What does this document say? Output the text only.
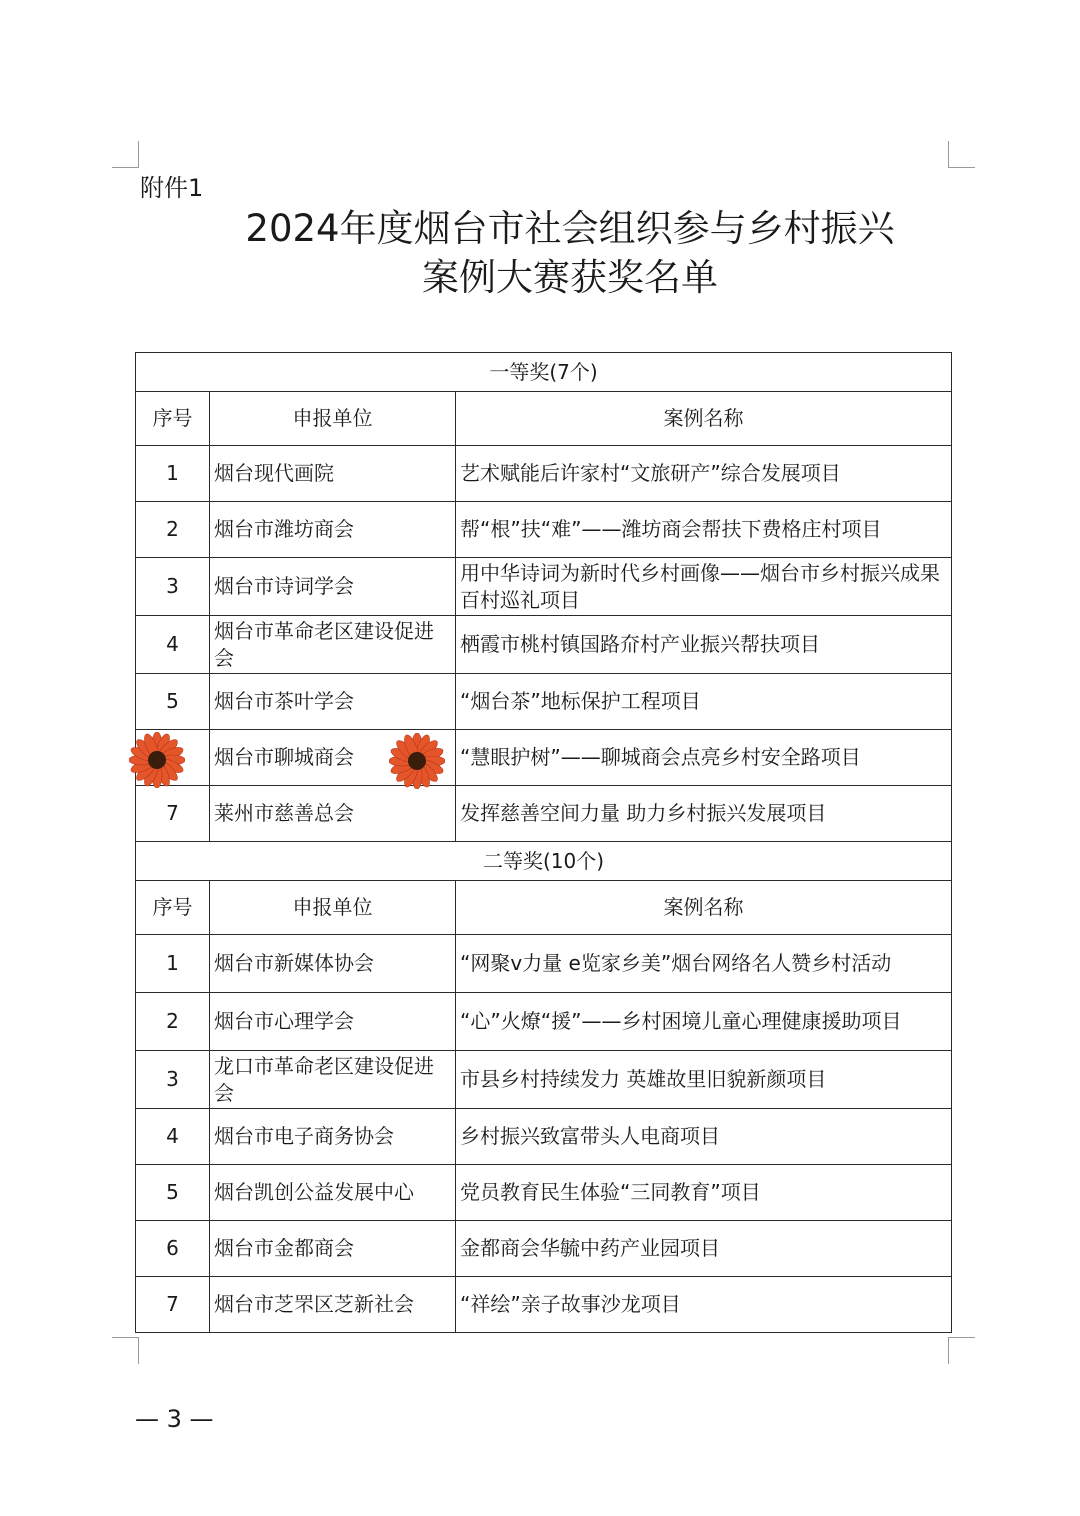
附件1
2024年度烟台市社会组织参与乡村振兴
案例大赛获奖名单
一等奖(7个)		
序号	申报单位	案例名称
1	烟台现代画院	艺术赋能后许家村“文旅研产”综合发展项目
2	烟台市潍坊商会	帮“根”扶“难”——潍坊商会帮扶下费格庄村项目
3	烟台市诗词学会	用中华诗词为新时代乡村画像——烟台市乡村振兴成果百村巡礼项目
4	烟台市革命老区建设促进会	栖霞市桃村镇国路夼村产业振兴帮扶项目
5	烟台市茶叶学会	“烟台茶”地标保护工程项目
	烟台市聊城商会	“慧眼护树”——聊城商会点亮乡村安全路项目
7	莱州市慈善总会	发挥慈善空间力量 助力乡村振兴发展项目
二等奖(10个)		
序号	申报单位	案例名称
1	烟台市新媒体协会	“网聚v力量 e览家乡美”烟台网络名人赞乡村活动
2	烟台市心理学会	“心”火燎“援”——乡村困境儿童心理健康援助项目
3	龙口市革命老区建设促进会	市县乡村持续发力 英雄故里旧貌新颜项目
4	烟台市电子商务协会	乡村振兴致富带头人电商项目
5	烟台凯创公益发展中心	党员教育民生体验“三同教育”项目
6	烟台市金都商会	金都商会华毓中药产业园项目
7	烟台市芝罘区芝新社会	“祥绘”亲子故事沙龙项目
— 3 —
